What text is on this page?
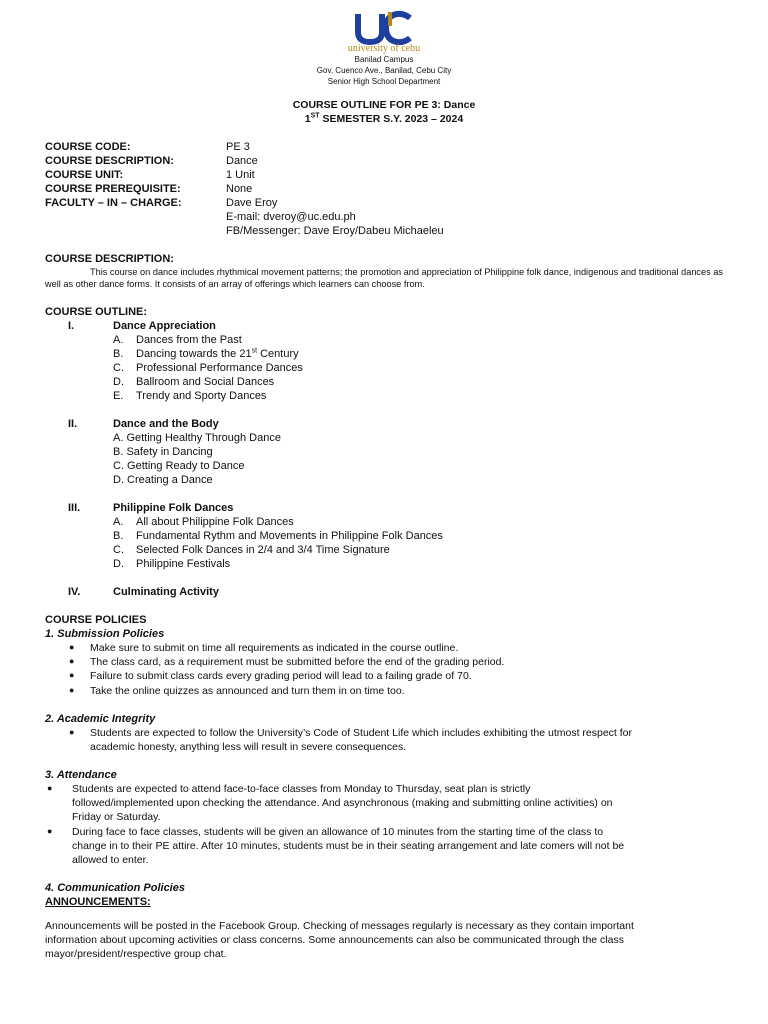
university of cebu
Banilad Campus
Gov. Cuenco Ave., Banilad, Cebu City
Senior High School Department
COURSE OUTLINE FOR PE 3: Dance
1ST SEMESTER S.Y. 2023 – 2024
COURSE CODE:	PE 3
COURSE DESCRIPTION:	Dance
COURSE UNIT:	1 Unit
COURSE PREREQUISITE:	None
FACULTY – IN – CHARGE:	Dave Eroy
E-mail: dveroy@uc.edu.ph
FB/Messenger: Dave Eroy/Dabeu Michaeleu
COURSE DESCRIPTION:
This course on dance includes rhythmical movement patterns; the promotion and appreciation of Philippine folk dance, indigenous and traditional dances as well as other dance forms. It consists of an array of offerings which learners can choose from.
COURSE OUTLINE:
I.	Dance Appreciation
A. Dances from the Past
B. Dancing towards the 21st Century
C. Professional Performance Dances
D. Ballroom and Social Dances
E. Trendy and Sporty Dances
II.	Dance and the Body
A. Getting Healthy Through Dance
B. Safety in Dancing
C. Getting Ready to Dance
D. Creating a Dance
III.	Philippine Folk Dances
A. All about Philippine Folk Dances
B. Fundamental Rythm and Movements in Philippine Folk Dances
C. Selected Folk Dances in 2/4 and 3/4 Time Signature
D. Philippine Festivals
IV.	Culminating Activity
COURSE POLICIES
1. Submission Policies
● Make sure to submit on time all requirements as indicated in the course outline.
● The class card, as a requirement must be submitted before the end of the grading period.
● Failure to submit class cards every grading period will lead to a failing grade of 70.
● Take the online quizzes as announced and turn them in on time too.
2. Academic Integrity
● Students are expected to follow the University’s Code of Student Life which includes exhibiting the utmost respect for
academic honesty, anything less will result in severe consequences.
3. Attendance
● Students are expected to attend face-to-face classes from Monday to Thursday, seat plan is strictly
followed/implemented upon checking the attendance. And asynchronous (making and submitting online activities) on
Friday or Saturday.
● During face to face classes, students will be given an allowance of 10 minutes from the starting time of the class to
change in to their PE attire. After 10 minutes, students must be in their seating arrangement and late comers will not be
allowed to enter.
4. Communication Policies
ANNOUNCEMENTS:
Announcements will be posted in the Facebook Group. Checking of messages regularly is necessary as they contain important
information about upcoming activities or class concerns. Some announcements can also be communicated through the class
mayor/president/respective group chat.
